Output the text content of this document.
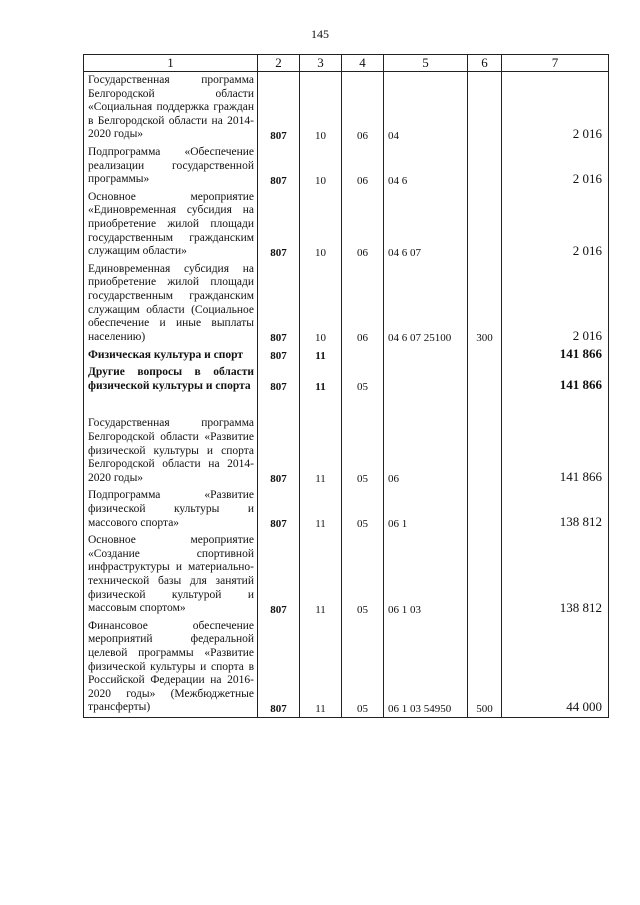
145
1	2	3	4	5	6	7
Государственная программа Белгородской области «Социальная поддержка граждан в Белгородской области на 2014-2020 годы»	807	10	06	04		2 016
Подпрограмма «Обеспечение реализации государственной программы»	807	10	06	04 6		2 016
Основное мероприятие «Единовременная субсидия на приобретение жилой площади государственным гражданским служащим области»	807	10	06	04 6 07		2 016
Единовременная субсидия на приобретение жилой площади государственным гражданским служащим области (Социальное обеспечение и иные выплаты населению)	807	10	06	04 6 07 25100	300	2 016
Физическая культура и спорт	807	11				141 866
Другие вопросы в области физической культуры и спорта	807	11	05			141 866

Государственная программа Белгородской области «Развитие физической культуры и спорта Белгородской области на 2014-2020 годы»	807	11	05	06		141 866
Подпрограмма «Развитие физической культуры и массового спорта»	807	11	05	06 1		138 812
Основное мероприятие «Создание спортивной инфраструктуры и материально-технической базы для занятий физической культурой и массовым спортом»	807	11	05	06 1 03		138 812
Финансовое обеспечение мероприятий федеральной целевой программы «Развитие физической культуры и спорта в Российской Федерации на 2016-2020 годы» (Межбюджетные трансферты)	807	11	05	06 1 03 54950	500	44 000
